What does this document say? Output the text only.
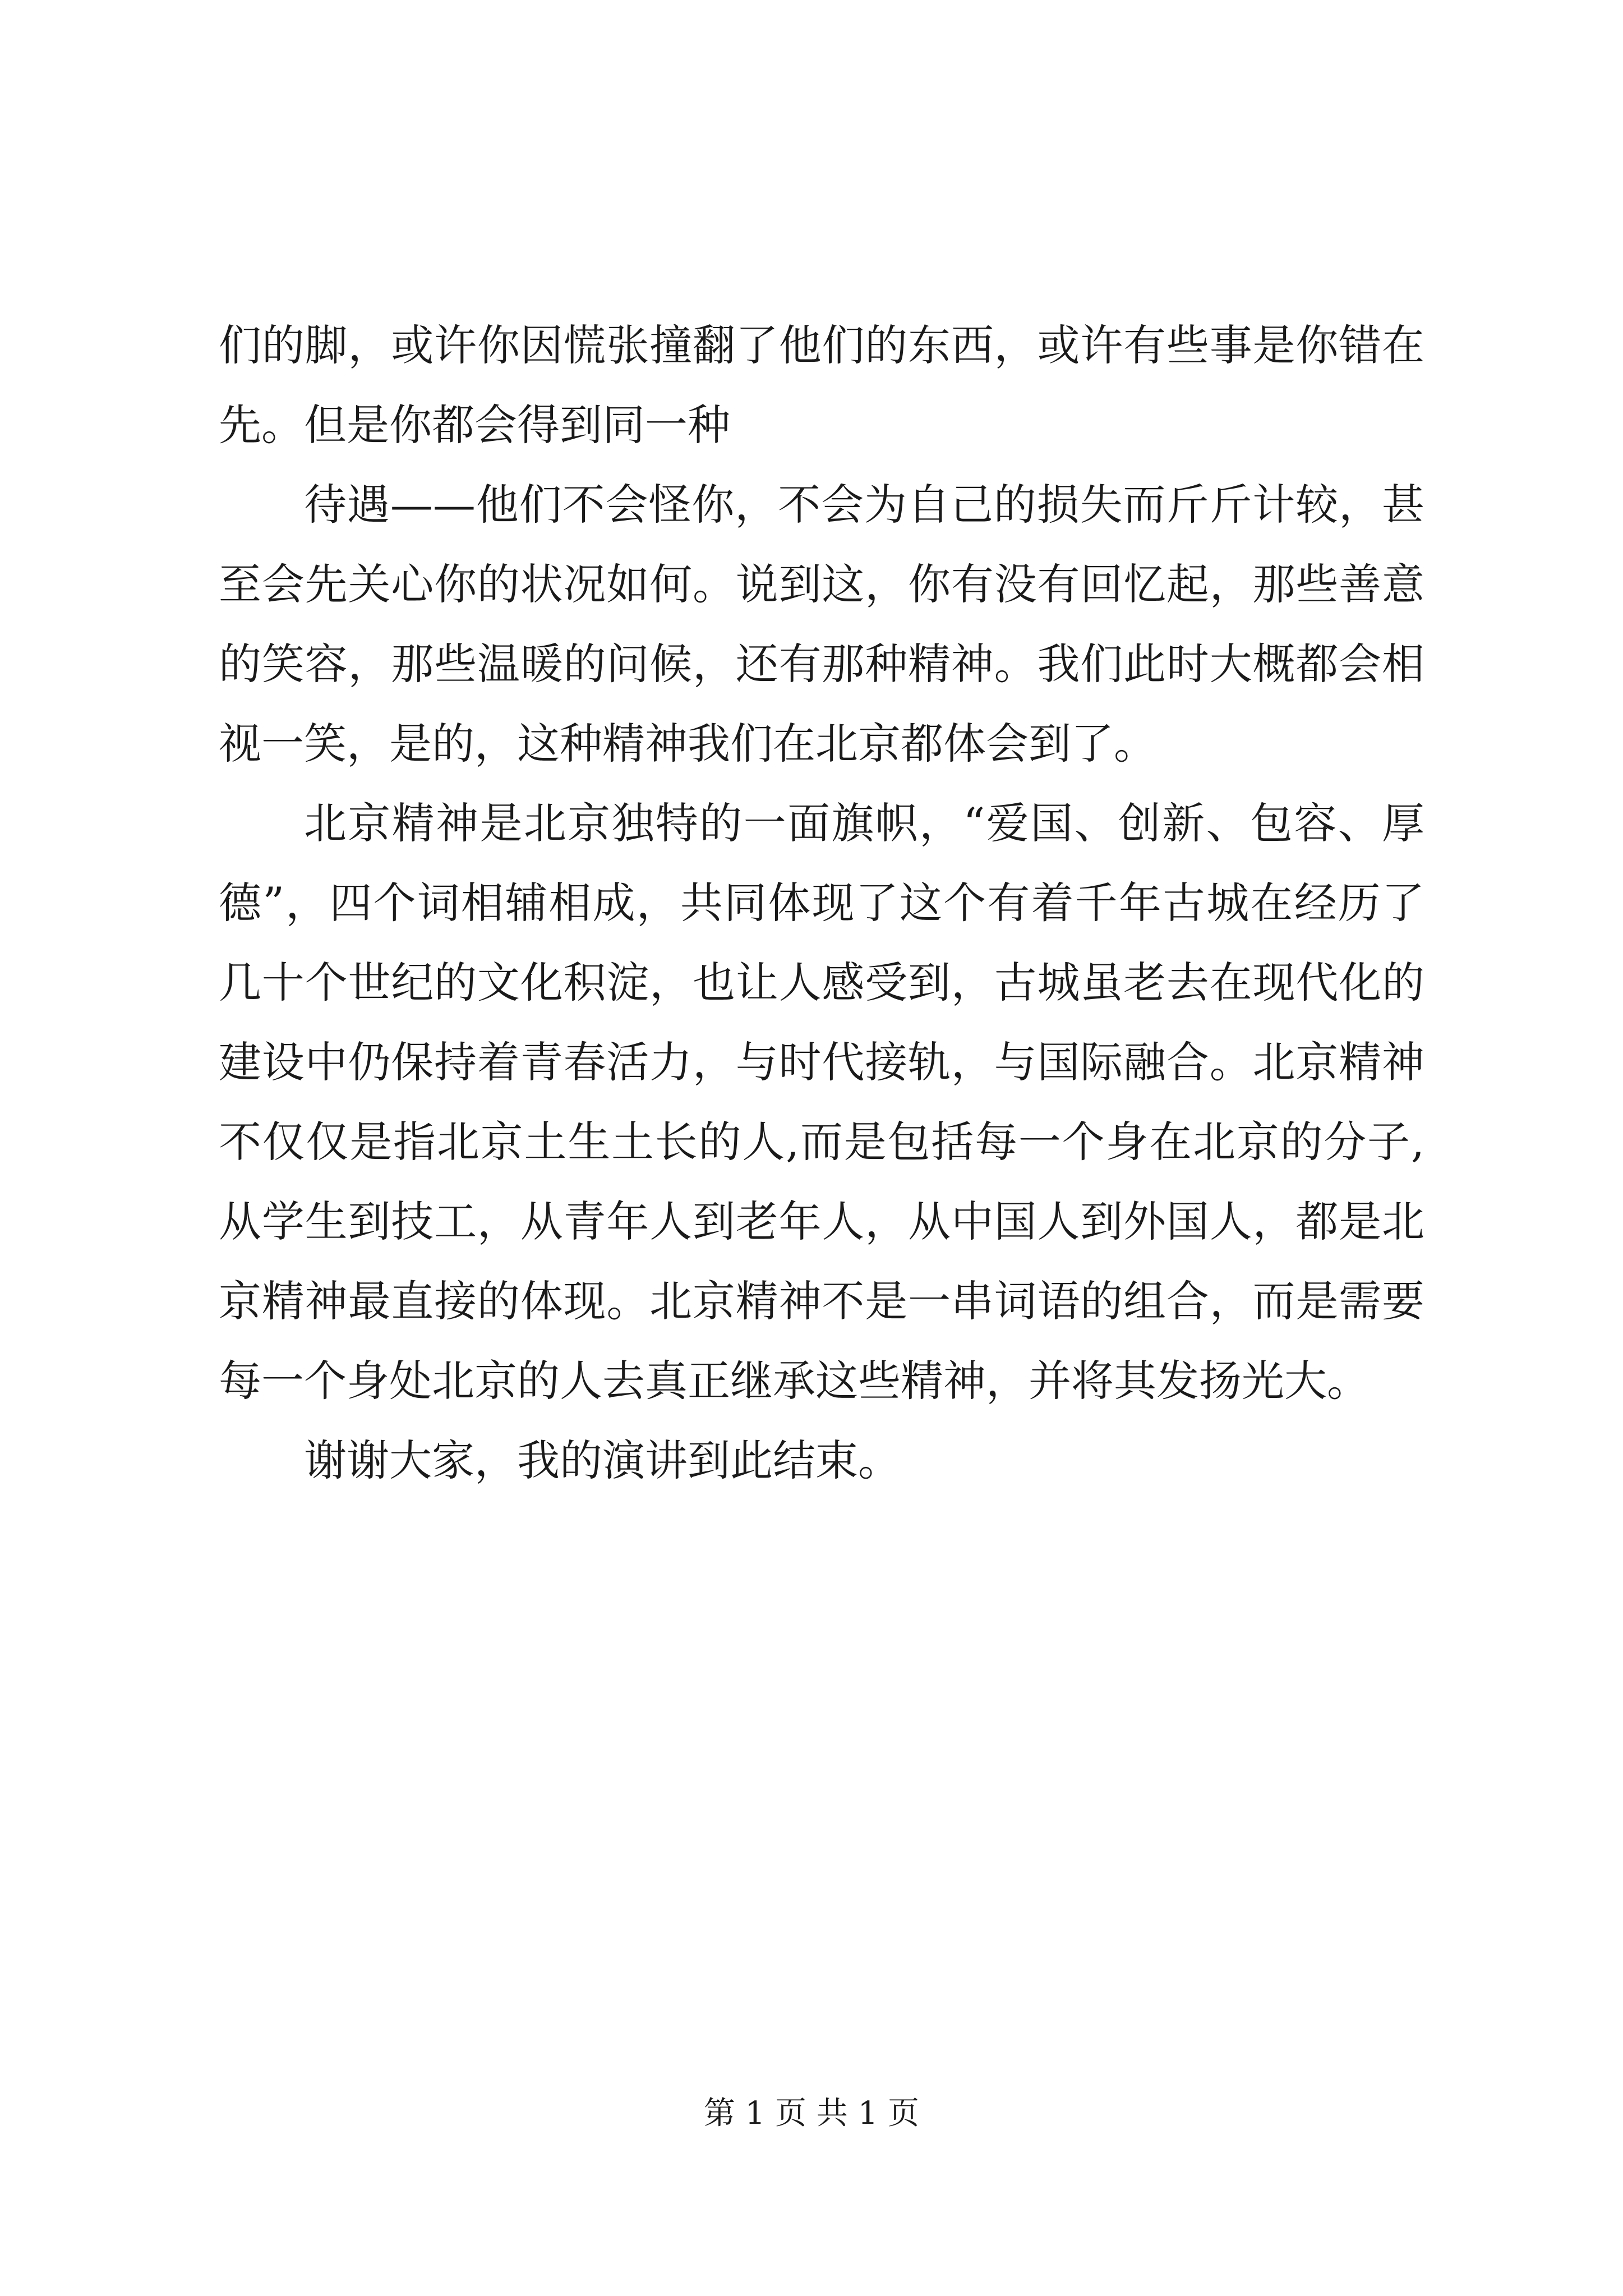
们的脚，或许你因慌张撞翻了他们的东西，或许有些事是你错在先。但是你都会得到同一种

待遇——他们不会怪你，不会为自己的损失而斤斤计较，甚至会先关心你的状况如何。说到这，你有没有回忆起，那些善意的笑容，那些温暖的问候，还有那种精神。我们此时大概都会相视一笑，是的，这种精神我们在北京都体会到了。

北京精神是北京独特的一面旗帜，“爱国、创新、包容、厚德”，四个词相辅相成，共同体现了这个有着千年古城在经历了几十个世纪的文化积淀，也让人感受到，古城虽老去在现代化的建设中仍保持着青春活力，与时代接轨，与国际融合。北京精神不仅仅是指北京土生土长的人,而是包括每一个身在北京的分子,从学生到技工，从青年人到老年人，从中国人到外国人，都是北京精神最直接的体现。北京精神不是一串词语的组合，而是需要每一个身处北京的人去真正继承这些精神，并将其发扬光大。

谢谢大家，我的演讲到此结束。

第 1 页 共 1 页
